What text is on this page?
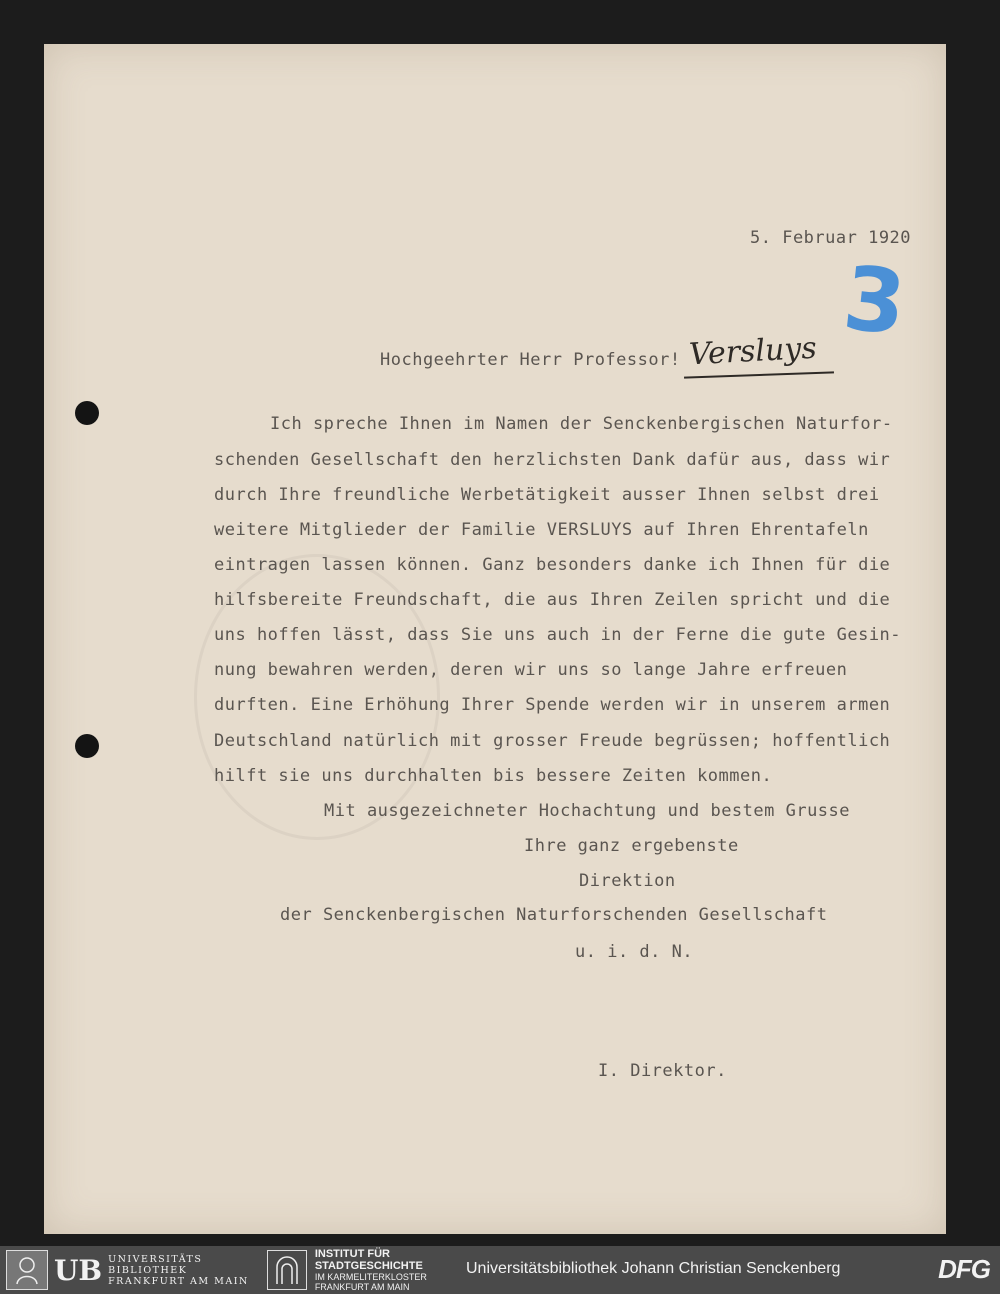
5. Februar 1920
3
Hochgeehrter Herr Professor! Versluys
Ich spreche Ihnen im Namen der Senckenbergischen Naturfor-
schenden Gesellschaft den herzlichsten Dank dafür aus, dass wir
durch Ihre freundliche Werbetätigkeit ausser Ihnen selbst drei
weitere Mitglieder der Familie VERSLUYS auf Ihren Ehrentafeln
eintragen lassen können. Ganz besonders danke ich Ihnen für die
hilfsbereite Freundschaft, die aus Ihren Zeilen spricht und die
uns hoffen lässt, dass Sie uns auch in der Ferne die gute Gesin-
nung bewahren werden, deren wir uns so lange Jahre erfreuen
durften. Eine Erhöhung Ihrer Spende werden wir in unserem armen
Deutschland natürlich mit grosser Freude begrüssen; hoffentlich
hilft sie uns durchhalten bis bessere Zeiten kommen.
Mit ausgezeichneter Hochachtung und bestem Grusse
Ihre ganz ergebenste
Direktion
der Senckenbergischen Naturforschenden Gesellschaft
u. i. d. N.
I. Direktor.
UB UNIVERSITÄTS
BIBLIOTHEK
FRANKFURT AM MAIN
INSTITUT FÜR
STADTGESCHICHTE
IM KARMELITERKLOSTER
FRANKFURT AM MAIN
Universitätsbibliothek Johann Christian Senckenberg	DFG
